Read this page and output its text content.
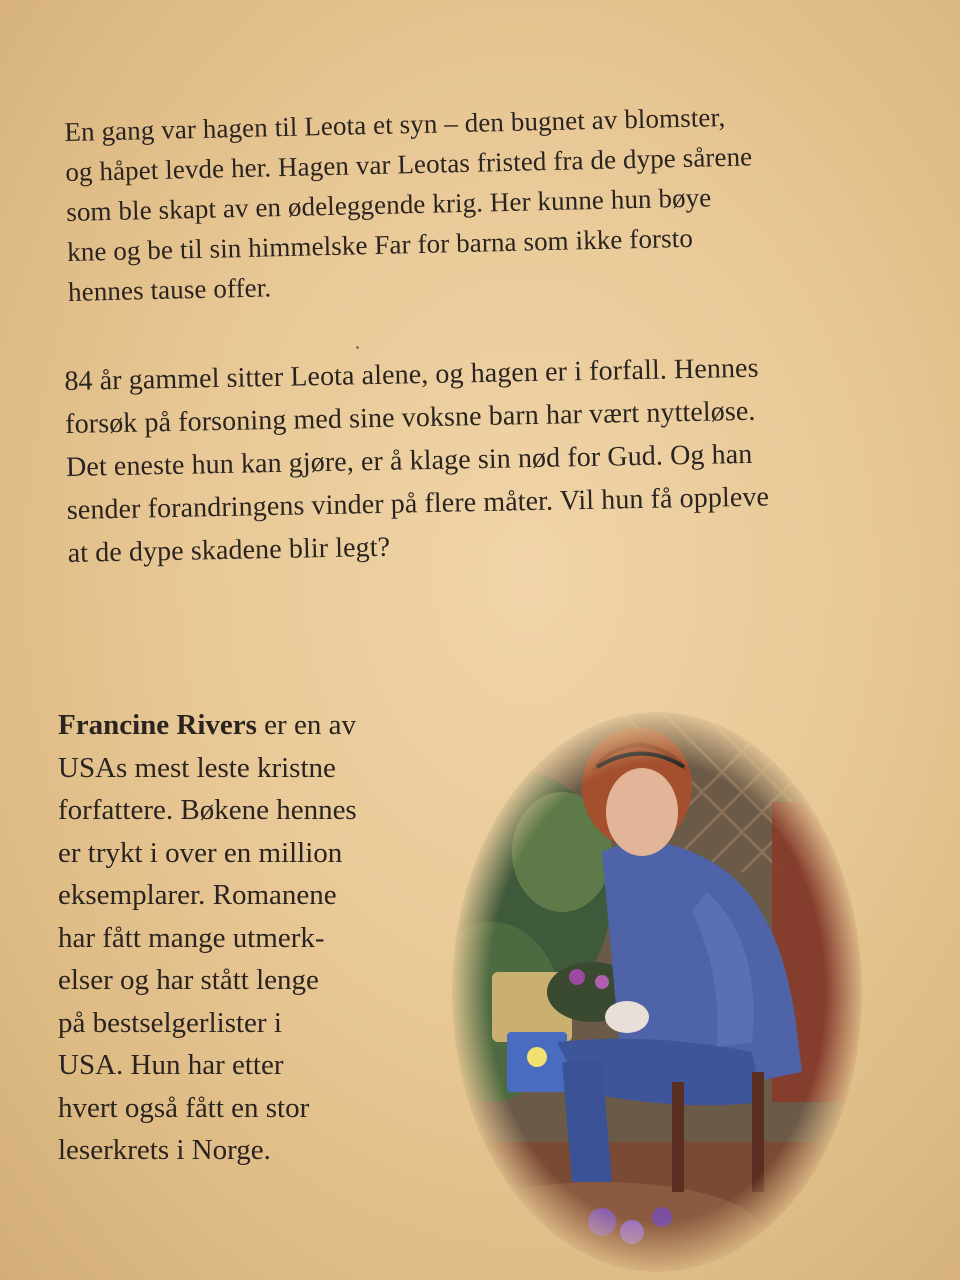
En gang var hagen til Leota et syn – den bugnet av blomster,
og håpet levde her. Hagen var Leotas fristed fra de dype sårene
som ble skapt av en ødeleggende krig. Her kunne hun bøye
kne og be til sin himmelske Far for barna som ikke forsto
hennes tause offer.
84 år gammel sitter Leota alene, og hagen er i forfall. Hennes
forsøk på forsoning med sine voksne barn har vært nytteløse.
Det eneste hun kan gjøre, er å klage sin nød for Gud. Og han
sender forandringens vinder på flere måter. Vil hun få oppleve
at de dype skadene blir legt?
Francine Rivers er en av
USAs mest leste kristne
forfattere. Bøkene hennes
er trykt i over en million
eksemplarer. Romanene
har fått mange utmerk-
elser og har stått lenge
på bestselgerlister i
USA. Hun har etter
hvert også fått en stor
leserkrets i Norge.
